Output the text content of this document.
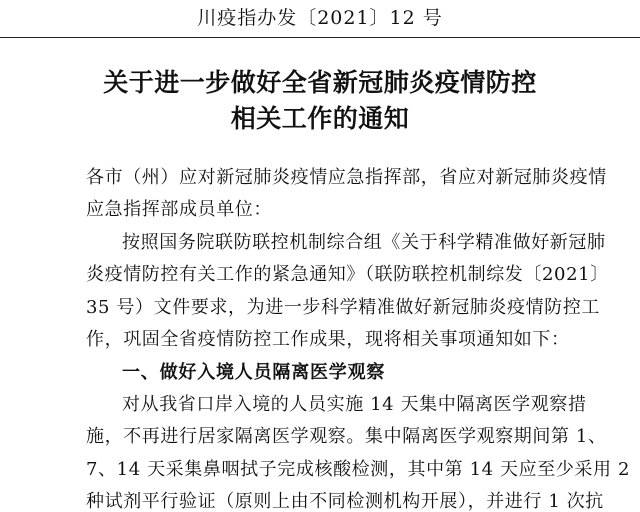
川疫指办发〔2021〕12 号
关于进一步做好全省新冠肺炎疫情防控
相关工作的通知
各市（州）应对新冠肺炎疫情应急指挥部，省应对新冠肺炎疫情
应急指挥部成员单位：
按照国务院联防联控机制综合组《关于科学精准做好新冠肺
炎疫情防控有关工作的紧急通知》（联防联控机制综发〔2021〕
35 号）文件要求，为进一步科学精准做好新冠肺炎疫情防控工
作，巩固全省疫情防控工作成果，现将相关事项通知如下：
一、做好入境人员隔离医学观察
对从我省口岸入境的人员实施 14 天集中隔离医学观察措
施，不再进行居家隔离医学观察。集中隔离医学观察期间第 1、
7、14 天采集鼻咽拭子完成核酸检测，其中第 14 天应至少采用 2
种试剂平行验证（原则上由不同检测机构开展），并进行 1 次抗
